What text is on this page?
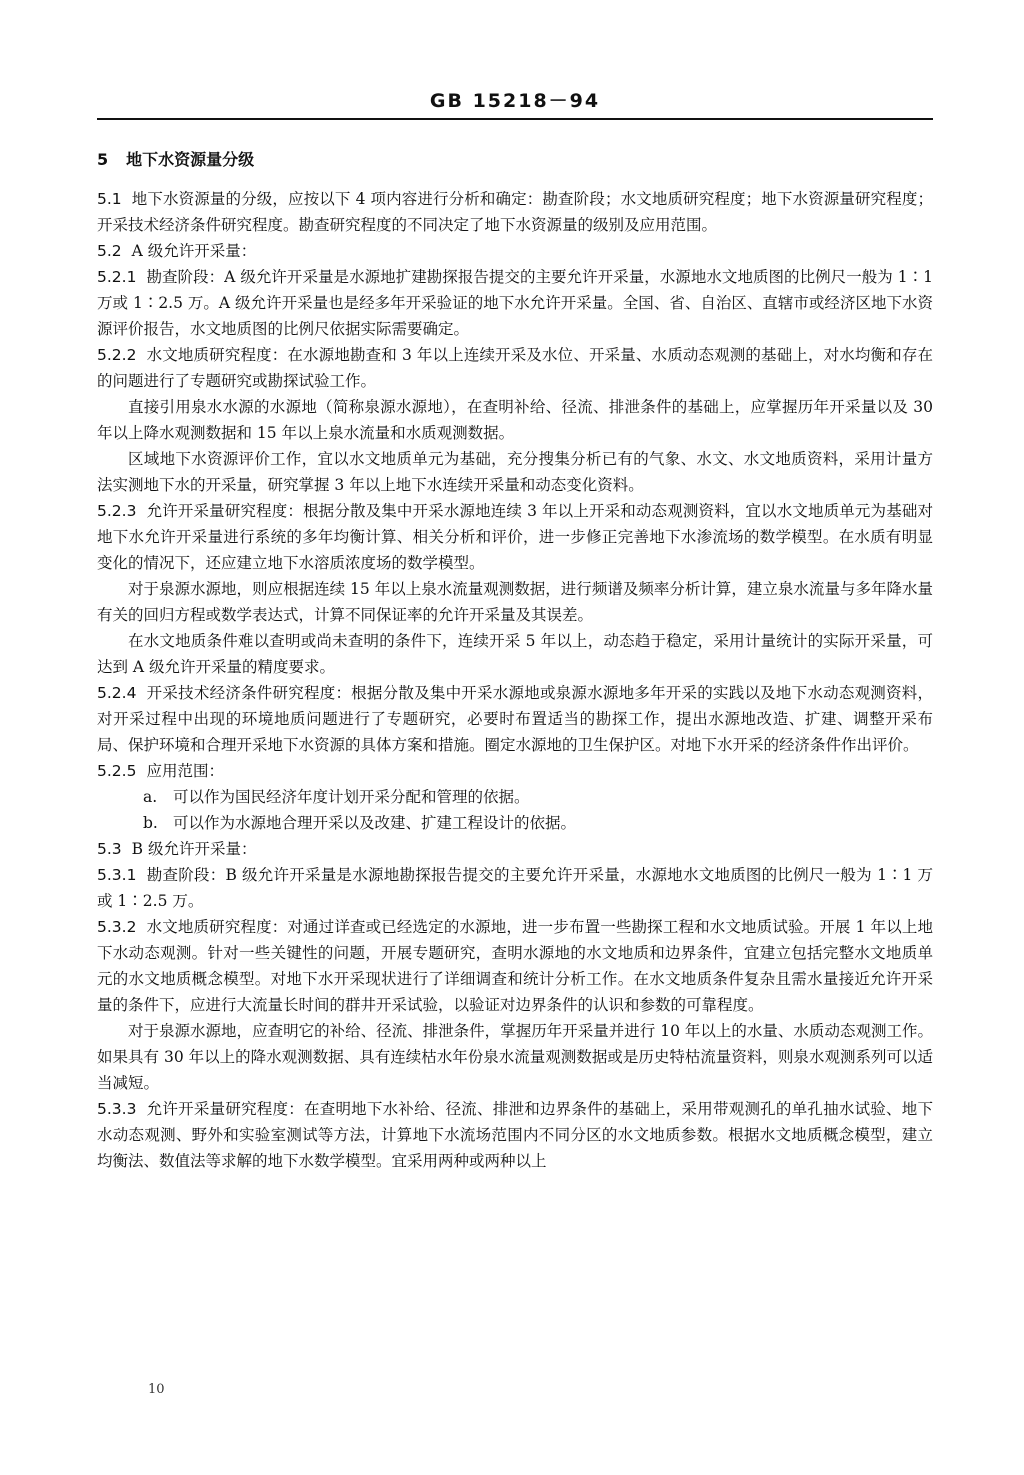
GB 15218－94
5 地下水资源量分级

5.1 地下水资源量的分级，应按以下 4 项内容进行分析和确定：勘查阶段；水文地质研究程度；地下水资源量研究程度；开采技术经济条件研究程度。勘查研究程度的不同决定了地下水资源量的级别及应用范围。

5.2 A 级允许开采量：

5.2.1 勘查阶段：A 级允许开采量是水源地扩建勘探报告提交的主要允许开采量，水源地水文地质图的比例尺一般为 1∶1 万或 1∶2.5 万。A 级允许开采量也是经多年开采验证的地下水允许开采量。全国、省、自治区、直辖市或经济区地下水资源评价报告，水文地质图的比例尺依据实际需要确定。

5.2.2 水文地质研究程度：在水源地勘查和 3 年以上连续开采及水位、开采量、水质动态观测的基础上，对水均衡和存在的问题进行了专题研究或勘探试验工作。

直接引用泉水水源的水源地（简称泉源水源地），在查明补给、径流、排泄条件的基础上，应掌握历年开采量以及 30 年以上降水观测数据和 15 年以上泉水流量和水质观测数据。

区域地下水资源评价工作，宜以水文地质单元为基础，充分搜集分析已有的气象、水文、水文地质资料，采用计量方法实测地下水的开采量，研究掌握 3 年以上地下水连续开采量和动态变化资料。

5.2.3 允许开采量研究程度：根据分散及集中开采水源地连续 3 年以上开采和动态观测资料，宜以水文地质单元为基础对地下水允许开采量进行系统的多年均衡计算、相关分析和评价，进一步修正完善地下水渗流场的数学模型。在水质有明显变化的情况下，还应建立地下水溶质浓度场的数学模型。

对于泉源水源地，则应根据连续 15 年以上泉水流量观测数据，进行频谱及频率分析计算，建立泉水流量与多年降水量有关的回归方程或数学表达式，计算不同保证率的允许开采量及其误差。

在水文地质条件难以查明或尚未查明的条件下，连续开采 5 年以上，动态趋于稳定，采用计量统计的实际开采量，可达到 A 级允许开采量的精度要求。

5.2.4 开采技术经济条件研究程度：根据分散及集中开采水源地或泉源水源地多年开采的实践以及地下水动态观测资料，对开采过程中出现的环境地质问题进行了专题研究，必要时布置适当的勘探工作，提出水源地改造、扩建、调整开采布局、保护环境和合理开采地下水资源的具体方案和措施。圈定水源地的卫生保护区。对地下水开采的经济条件作出评价。

5.2.5 应用范围：

a. 可以作为国民经济年度计划开采分配和管理的依据。

b. 可以作为水源地合理开采以及改建、扩建工程设计的依据。

5.3 B 级允许开采量：

5.3.1 勘查阶段：B 级允许开采量是水源地勘探报告提交的主要允许开采量，水源地水文地质图的比例尺一般为 1∶1 万或 1∶2.5 万。

5.3.2 水文地质研究程度：对通过详查或已经选定的水源地，进一步布置一些勘探工程和水文地质试验。开展 1 年以上地下水动态观测。针对一些关键性的问题，开展专题研究，查明水源地的水文地质和边界条件，宜建立包括完整水文地质单元的水文地质概念模型。对地下水开采现状进行了详细调查和统计分析工作。在水文地质条件复杂且需水量接近允许开采量的条件下，应进行大流量长时间的群井开采试验，以验证对边界条件的认识和参数的可靠程度。

对于泉源水源地，应查明它的补给、径流、排泄条件，掌握历年开采量并进行 10 年以上的水量、水质动态观测工作。如果具有 30 年以上的降水观测数据、具有连续枯水年份泉水流量观测数据或是历史特枯流量资料，则泉水观测系列可以适当减短。

5.3.3 允许开采量研究程度：在查明地下水补给、径流、排泄和边界条件的基础上，采用带观测孔的单孔抽水试验、地下水动态观测、野外和实验室测试等方法，计算地下水流场范围内不同分区的水文地质参数。根据水文地质概念模型，建立均衡法、数值法等求解的地下水数学模型。宜采用两种或两种以上

10
